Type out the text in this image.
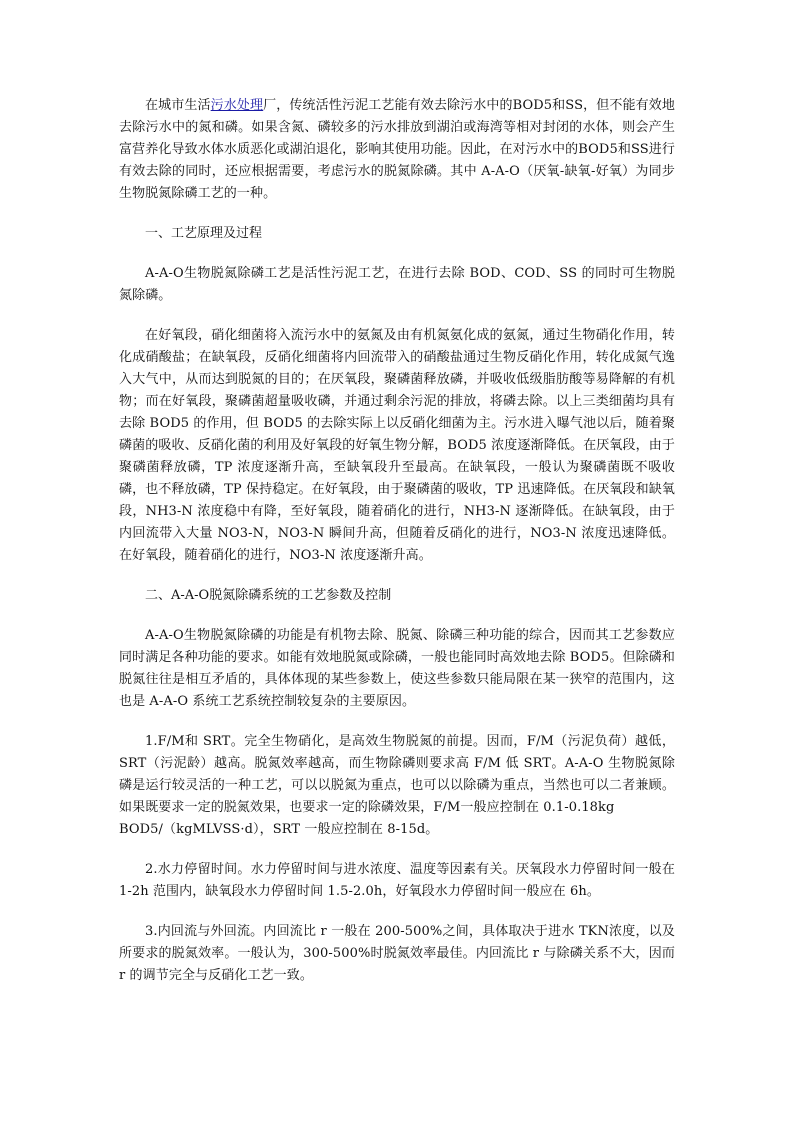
在城市生活污水处理厂，传统活性污泥工艺能有效去除污水中的BOD5和SS，但不能有效地去除污水中的氮和磷。如果含氮、磷较多的污水排放到湖泊或海湾等相对封闭的水体，则会产生富营养化导致水体水质恶化或湖泊退化，影响其使用功能。因此，在对污水中的BOD5和SS进行有效去除的同时，还应根据需要，考虑污水的脱氮除磷。其中 A-A-O（厌氧-缺氧-好氧）为同步生物脱氮除磷工艺的一种。

一、工艺原理及过程

A-A-O生物脱氮除磷工艺是活性污泥工艺，在进行去除 BOD、COD、SS 的同时可生物脱氮除磷。

在好氧段，硝化细菌将入流污水中的氨氮及由有机氮氨化成的氨氮，通过生物硝化作用，转化成硝酸盐；在缺氧段，反硝化细菌将内回流带入的硝酸盐通过生物反硝化作用，转化成氮气逸入大气中，从而达到脱氮的目的；在厌氧段，聚磷菌释放磷，并吸收低级脂肪酸等易降解的有机物；而在好氧段，聚磷菌超量吸收磷，并通过剩余污泥的排放，将磷去除。以上三类细菌均具有去除 BOD5 的作用，但 BOD5 的去除实际上以反硝化细菌为主。污水进入曝气池以后，随着聚磷菌的吸收、反硝化菌的利用及好氧段的好氧生物分解，BOD5 浓度逐渐降低。在厌氧段，由于聚磷菌释放磷，TP 浓度逐渐升高，至缺氧段升至最高。在缺氧段，一般认为聚磷菌既不吸收磷，也不释放磷，TP 保持稳定。在好氧段，由于聚磷菌的吸收，TP 迅速降低。在厌氧段和缺氧段，NH3-N 浓度稳中有降，至好氧段，随着硝化的进行，NH3-N 逐渐降低。在缺氧段，由于内回流带入大量 NO3-N，NO3-N 瞬间升高，但随着反硝化的进行，NO3-N 浓度迅速降低。在好氧段，随着硝化的进行，NO3-N 浓度逐渐升高。

二、A-A-O脱氮除磷系统的工艺参数及控制

A-A-O生物脱氮除磷的功能是有机物去除、脱氮、除磷三种功能的综合，因而其工艺参数应同时满足各种功能的要求。如能有效地脱氮或除磷，一般也能同时高效地去除 BOD5。但除磷和脱氮往往是相互矛盾的，具体体现的某些参数上，使这些参数只能局限在某一狭窄的范围内，这也是 A-A-O 系统工艺系统控制较复杂的主要原因。

1.F/M和 SRT。完全生物硝化，是高效生物脱氮的前提。因而，F/M（污泥负荷）越低，SRT（污泥龄）越高。脱氮效率越高，而生物除磷则要求高 F/M 低 SRT。A-A-O 生物脱氮除磷是运行较灵活的一种工艺，可以以脱氮为重点，也可以以除磷为重点，当然也可以二者兼顾。如果既要求一定的脱氮效果，也要求一定的除磷效果，F/M一般应控制在 0.1-0.18kg
BOD5/（kgMLVSS·d），SRT 一般应控制在 8-15d。

2.水力停留时间。水力停留时间与进水浓度、温度等因素有关。厌氧段水力停留时间一般在 1-2h 范围内，缺氧段水力停留时间 1.5-2.0h，好氧段水力停留时间一般应在 6h。

3.内回流与外回流。内回流比 r 一般在 200-500%之间，具体取决于进水 TKN浓度，以及所要求的脱氮效率。一般认为，300-500%时脱氮效率最佳。内回流比 r 与除磷关系不大，因而 r 的调节完全与反硝化工艺一致。
